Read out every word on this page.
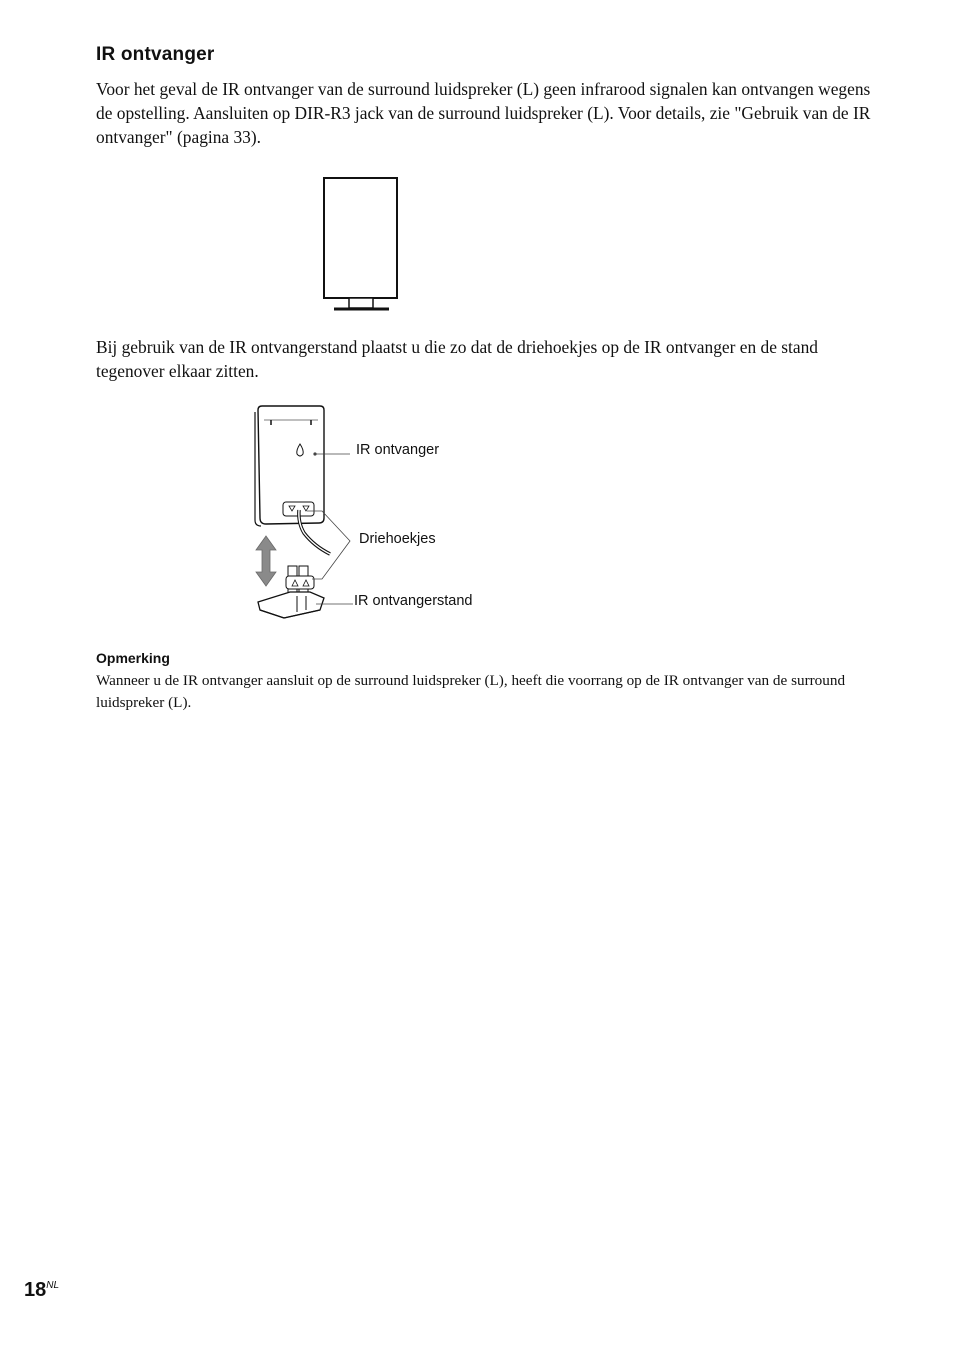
IR ontvanger
Voor het geval de IR ontvanger van de surround luidspreker (L) geen infrarood signalen kan ontvangen wegens de opstelling. Aansluiten op DIR-R3 jack van de surround luidspreker (L). Voor details, zie "Gebruik van de IR ontvanger" (pagina 33).
Bij gebruik van de IR ontvangerstand plaatst u die zo dat de driehoekjes op de IR ontvanger en de stand tegenover elkaar zitten.
IR ontvanger
Driehoekjes
IR ontvangerstand
Opmerking
Wanneer u de IR ontvanger aansluit op de surround luidspreker (L), heeft die voorrang op de IR ontvanger van de surround luidspreker (L).
$18^{NL}$
